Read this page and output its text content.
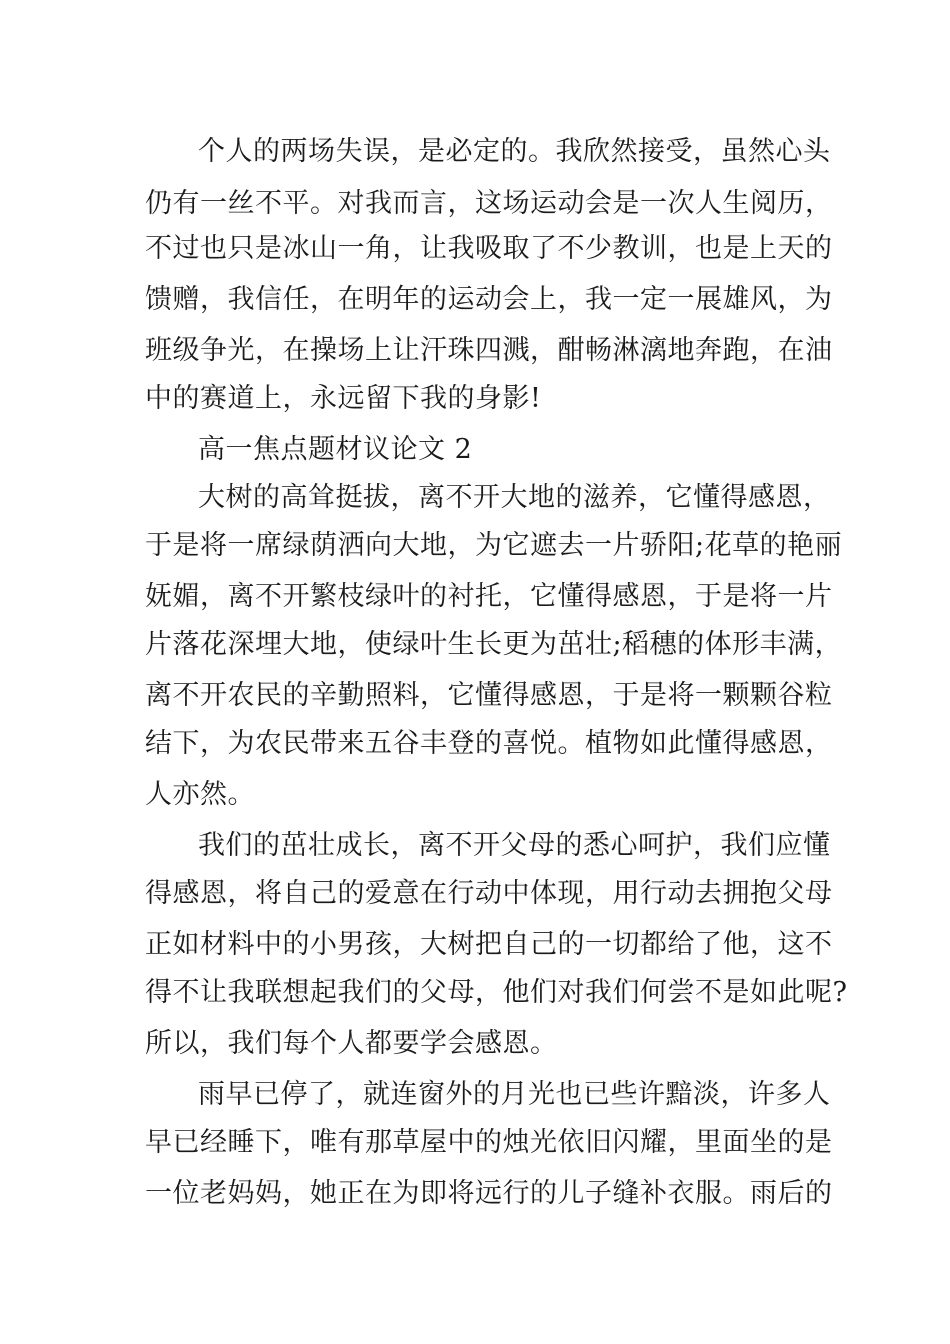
个人的两场失误，是必定的。我欣然接受，虽然心头
仍有一丝不平。对我而言，这场运动会是一次人生阅历，
不过也只是冰山一角，让我吸取了不少教训，也是上天的
馈赠，我信任，在明年的运动会上，我一定一展雄风，为
班级争光，在操场上让汗珠四溅，酣畅淋漓地奔跑，在油
中的赛道上，永远留下我的身影!
高一焦点题材议论文 2
大树的高耸挺拔，离不开大地的滋养，它懂得感恩，
于是将一席绿荫洒向大地，为它遮去一片骄阳;花草的艳丽
妩媚，离不开繁枝绿叶的衬托，它懂得感恩，于是将一片
片落花深埋大地，使绿叶生长更为茁壮;稻穗的体形丰满，
离不开农民的辛勤照料，它懂得感恩，于是将一颗颗谷粒
结下，为农民带来五谷丰登的喜悦。植物如此懂得感恩，
人亦然。
我们的茁壮成长，离不开父母的悉心呵护，我们应懂
得感恩，将自己的爱意在行动中体现，用行动去拥抱父母
正如材料中的小男孩，大树把自己的一切都给了他，这不
得不让我联想起我们的父母，他们对我们何尝不是如此呢?
所以，我们每个人都要学会感恩。
雨早已停了，就连窗外的月光也已些许黯淡，许多人
早已经睡下，唯有那草屋中的烛光依旧闪耀，里面坐的是
一位老妈妈，她正在为即将远行的儿子缝补衣服。雨后的
